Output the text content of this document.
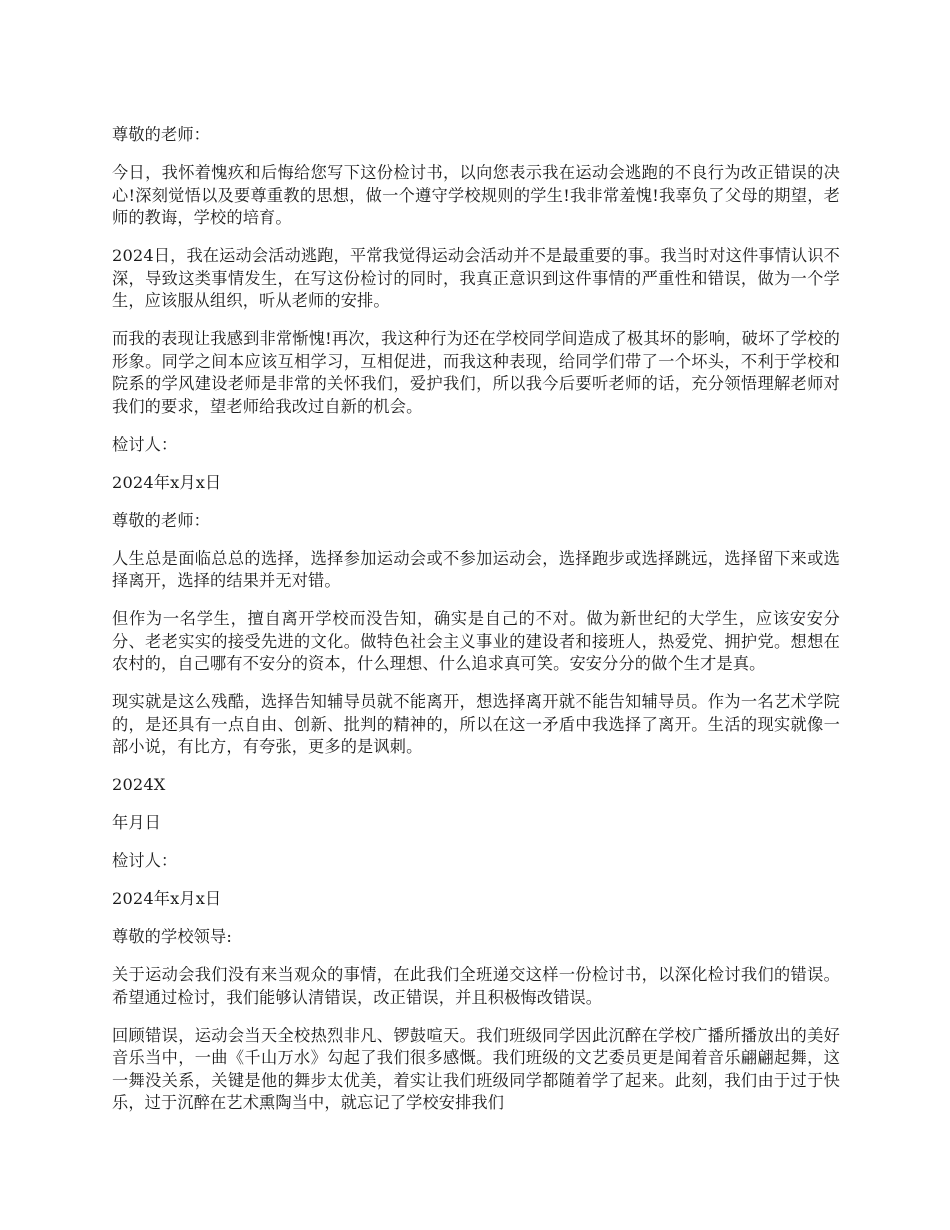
尊敬的老师：

今日，我怀着愧疚和后悔给您写下这份检讨书，以向您表示我在运动会逃跑的不良行为改正错误的决心!深刻觉悟以及要尊重教的思想，做一个遵守学校规则的学生!我非常羞愧!我辜负了父母的期望，老师的教诲，学校的培育。

2024日，我在运动会活动逃跑，平常我觉得运动会活动并不是最重要的事。我当时对这件事情认识不深，导致这类事情发生，在写这份检讨的同时，我真正意识到这件事情的严重性和错误，做为一个学生，应该服从组织，听从老师的安排。

而我的表现让我感到非常惭愧!再次，我这种行为还在学校同学间造成了极其坏的影响，破坏了学校的形象。同学之间本应该互相学习，互相促进，而我这种表现，给同学们带了一个坏头，不利于学校和院系的学风建设老师是非常的关怀我们，爱护我们，所以我今后要听老师的话，充分领悟理解老师对我们的要求，望老师给我改过自新的机会。

检讨人：

2024年x月x日

尊敬的老师：

人生总是面临总总的选择，选择参加运动会或不参加运动会，选择跑步或选择跳远，选择留下来或选择离开，选择的结果并无对错。

但作为一名学生，擅自离开学校而没告知，确实是自己的不对。做为新世纪的大学生，应该安安分分、老老实实的接受先进的文化。做特色社会主义事业的建设者和接班人，热爱党、拥护党。想想在农村的，自己哪有不安分的资本，什么理想、什么追求真可笑。安安分分的做个生才是真。

现实就是这么残酷，选择告知辅导员就不能离开，想选择离开就不能告知辅导员。作为一名艺术学院的，是还具有一点自由、创新、批判的精神的，所以在这一矛盾中我选择了离开。生活的现实就像一部小说，有比方，有夸张，更多的是讽刺。

2024X

年月日

检讨人：

2024年x月x日

尊敬的学校领导:

关于运动会我们没有来当观众的事情，在此我们全班递交这样一份检讨书，以深化检讨我们的错误。希望通过检讨，我们能够认清错误，改正错误，并且积极悔改错误。

回顾错误，运动会当天全校热烈非凡、锣鼓喧天。我们班级同学因此沉醉在学校广播所播放出的美好音乐当中，一曲《千山万水》勾起了我们很多感慨。我们班级的文艺委员更是闻着音乐翩翩起舞，这一舞没关系，关键是他的舞步太优美，着实让我们班级同学都随着学了起来。此刻，我们由于过于快乐，过于沉醉在艺术熏陶当中，就忘记了学校安排我们
